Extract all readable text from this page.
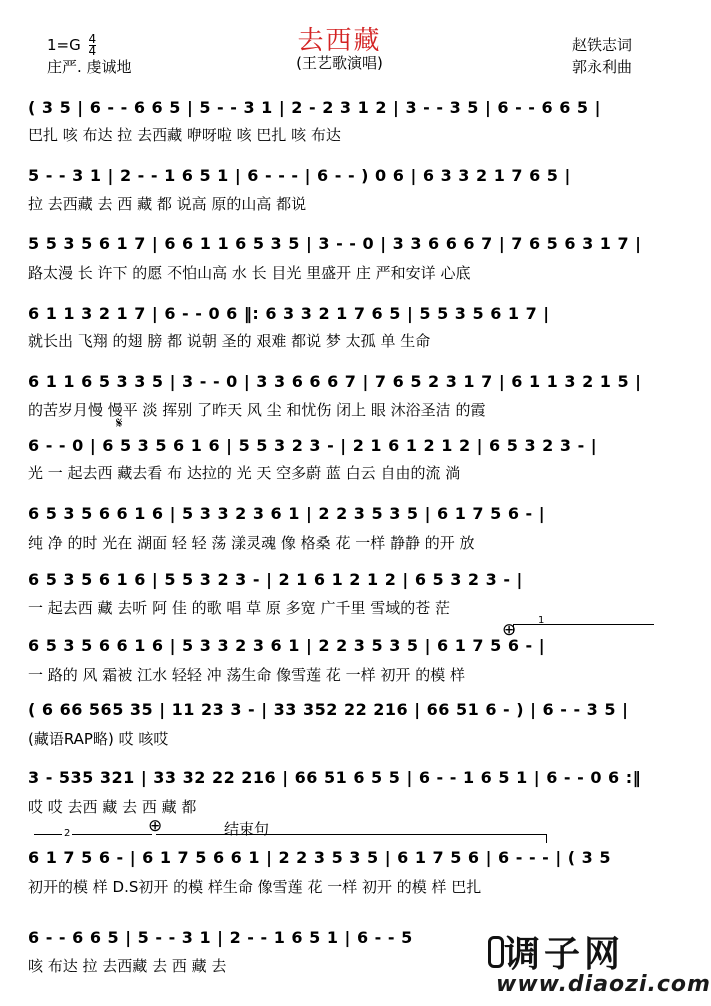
$1=G \frac{4}{4}$	去西藏	赵铁志词
庄严. 虔诚地	(王艺歌演唱)	郭永利曲
( 3 5 | 6 - - 6 6 5 | 5 - - 3 1 | 2 - 2 3 1 2 | 3 - - 3 5 | 6 - - 6 6 5 |
巴扎 咳 布达 拉 去西藏 咿呀啦 咳 巴扎 咳 布达
5 - - 3 1 | 2 - - 1 6 5 1 | 6 - - - | 6 - - ) 0 6 | 6 3 3 2 1 7 6 5 |
拉 去西藏 去 西 藏 都 说高 原的山高 都说
5 5 3 5 6 1 7 | 6 6 1 1 6 5 3 5 | 3 - - 0 | 3 3 6 6 6 7 | 7 6 5 6 3 1 7 |
路太漫 长 许下 的愿 不怕山高 水 长 目光 里盛开 庄 严和安详 心底
6 1 1 3 2 1 7 | 6 - - 0 6 ‖: 6 3 3 2 1 7 6 5 | 5 5 3 5 6 1 7 |
就长出 飞翔 的翅 膀 都 说朝 圣的 艰难 都说 梦 太孤 单 生命
6 1 1 6 5 3 3 5 | 3 - - 0 | 3 3 6 6 6 7 | 7 6 5 2 3 1 7 | 6 1 1 3 2 1 5 |
的苦岁月慢 慢平 淡 挥别 了昨天 风 尘 和忧伤 闭上 眼 沐浴圣洁 的霞
𝄋
6 - - 0 | 6 5 3 5 6 1 6 | 5 5 3 2 3 - | 2 1 6 1 2 1 2 | 6 5 3 2 3 - |
光 一 起去西 藏去看 布 达拉的 光 天 空多蔚 蓝 白云 自由的流 淌
6 5 3 5 6 6 1 6 | 5 3 3 2 3 6 1 | 2 2 3 5 3 5 | 6 1 7 5 6 - |
纯 净 的时 光在 湖面 轻 轻 荡 漾灵魂 像 格桑 花 一样 静静 的开 放
6 5 3 5 6 1 6 | 5 5 3 2 3 - | 2 1 6 1 2 1 2 | 6 5 3 2 3 - |
一 起去西 藏 去听 阿 佳 的歌 唱 草 原 多宽 广千里 雪域的苍 茫
⊕ 1
6 5 3 5 6 6 1 6 | 5 3 3 2 3 6 1 | 2 2 3 5 3 5 | 6 1 7 5 6 - |
一 路的 风 霜被 江水 轻轻 冲 荡生命 像雪莲 花 一样 初开 的模 样
( 6 66 565 35 | 11 23 3 - | 33 352 22 216 | 66 51 6 - ) | 6 - - 3 5 |
(藏语RAP略) 哎 咳哎
3 - 535 321 | 33 32 22 216 | 66 51 6 5 5 | 6 - - 1 6 5 1 | 6 - - 0 6 :‖
哎 哎 去西 藏 去 西 藏 都
2	⊕	结束句
6 1 7 5 6 - | 6 1 7 5 6 6 1 | 2 2 3 5 3 5 | 6 1 7 5 6 | 6 - - - | ( 3 5
初开的模 样 D.S初开 的模 样生命 像雪莲 花 一样 初开 的模 样 巴扎
6 - - 6 6 5 | 5 - - 3 1 | 2 - - 1 6 5 1 | 6 - - 5
咳 布达 拉 去西藏 去 西 藏 去	调子网
www.diaozi.com
